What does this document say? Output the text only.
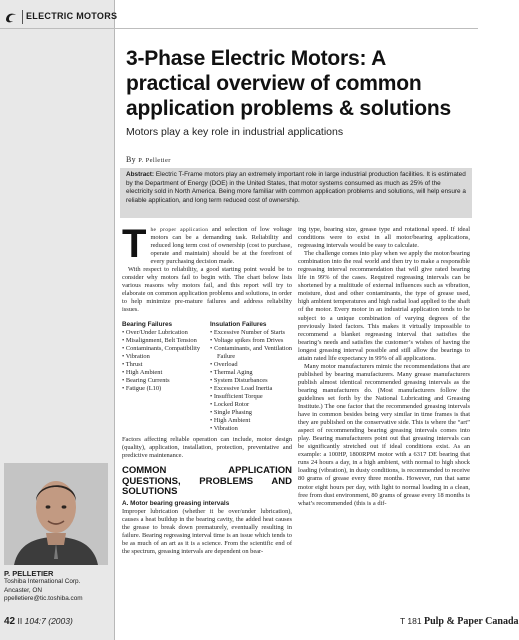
ELECTRIC MOTORS
3-Phase Electric Motors: A practical overview of common application problems & solutions
Motors play a key role in industrial applications
By P. Pelletier
Abstract: Electric T-Frame motors play an extremely important role in large industrial production facilities. It is estimated by the Department of Energy (DOE) in the United States, that motor systems consumed as much as 25% of the electricity sold in North America. Being more familiar with common application problems and solutions, will help ensure a reliable application, and long term reduced cost of ownership.

The proper application and selection of low voltage motors can be a demanding task. Reliability and reduced long term cost of ownership (cost to purchase, operate and maintain) should be at the forefront of every purchasing decision made.

With respect to reliability, a good starting point would be to consider why motors fail to begin with. The chart below lists various reasons why motors fail, and this report will try to elaborate on common application problems and solutions, in order to help minimize pre-mature failures and address reliability issues.

Bearing Failures
• Over/Under Lubrication
• Misalignment, Belt Tension
• Contaminants, Compatibility
• Vibration
• Thrust
• High Ambient
• Bearing Currents
• Fatigue (L10)
Insulation Failures
• Excessive Number of Starts
• Voltage spikes from Drives
• Contaminants, and Ventilation Failure
• Overload
• Thermal Aging
• System Disturbances
• Excessive Load Inertia
• Insufficient Torque
• Locked Rotor
• Single Phasing
• High Ambient
• Vibration

Factors affecting reliable operation can include, motor design (quality), application, installation, protection, preventative and predictive maintenance.

COMMON APPLICATION QUESTIONS, PROBLEMS AND SOLUTIONS
A. Motor bearing greasing intervals

Improper lubrication (whether it be over/under lubrication), causes a heat buildup in the bearing cavity, the added heat causes the grease to break down prematurely, eventually resulting in failure. Bearing regreasing interval time is an issue which tends to be as much of an art as it is a science. From the scientific end of the spectrum, greasing intervals are dependent on bear-

ing type, bearing size, grease type and rotational speed. If ideal conditions were to exist in all motor/bearing applications, regreasing intervals would be easy to calculate.

The challenge comes into play when we apply the motor/bearing combination into the real world and then try to make a responsible regreasing interval recommendation that will give rated bearing life in 99% of the cases. Required regreasing intervals can be shortened by a multitude of external influences such as vibration, moisture, dust and other contaminants, the type of grease used, high ambient temperatures and high radial load applied to the shaft of the motor. Every motor in an industrial application tends to be subject to a unique combination of varying degrees of the previously listed factors. This makes it virtually impossible to recommend a blanket regreasing interval that satisfies the bearing’s needs and satisfies the customer’s wishes of having the longest greasing interval possible and still allow the bearings to attain rated life expectancy in 99% of all applications.

Many motor manufacturers mimic the recommendations that are published by bearing manufacturers. Many grease manufacturers publish almost identical recommended greasing intervals as the bearing manufacturers do. (Most manufacturers follow the guidelines set forth by the National Lubricating and Greasing Institute.) The one factor that the recommended greasing intervals have in common besides being very similar in time frames is that they are published on the conservative side. This is where the “art” aspect of recommending bearing greasing intervals comes into play. Bearing manufacturers point out that greasing intervals can be significantly stretched out if ideal conditions exist. As an example: a 100HP, 1800RPM motor with a 6317 DE bearing that runs 24 hours a day, in a high ambient, with normal to high shock loading (vibration), in dusty conditions, is recommended to receive 80 grams of grease every three months. However, run that same motor eight hours per day, with light to normal loading in a clean, free from dust environment, 80 grams of grease every 18 months is what’s recommended (this is a dif-

P. PELLETIER
Toshiba International Corp.
Ancaster, ON
ppelletiere@tic.toshiba.com
42 II 104:7 (2003)	T 181 Pulp & Paper Canada
